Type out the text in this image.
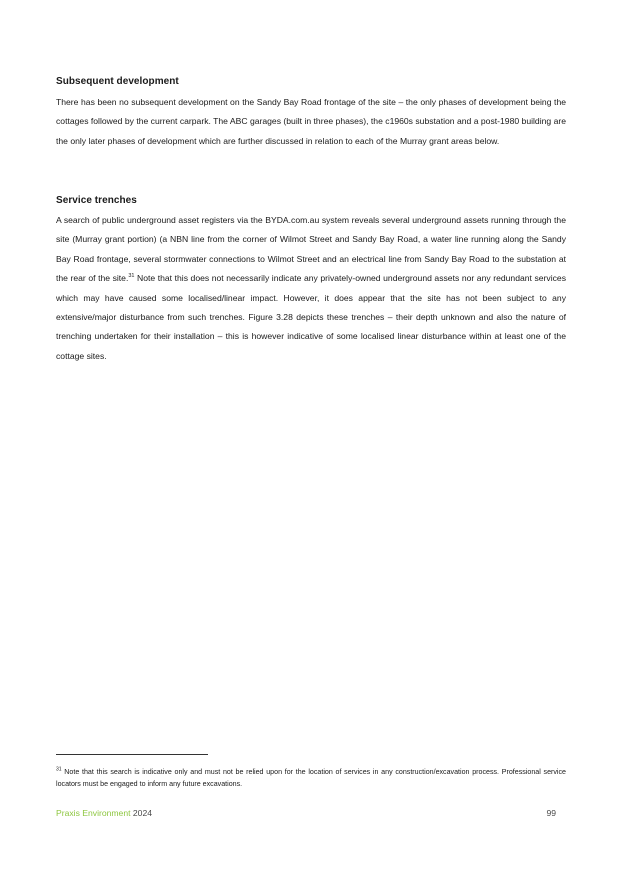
Subsequent development

There has been no subsequent development on the Sandy Bay Road frontage of the site – the only phases of development being the cottages followed by the current carpark. The ABC garages (built in three phases), the c1960s substation and a post-1980 building are the only later phases of development which are further discussed in relation to each of the Murray grant areas below.

Service trenches

A search of public underground asset registers via the BYDA.com.au system reveals several underground assets running through the site (Murray grant portion) (a NBN line from the corner of Wilmot Street and Sandy Bay Road, a water line running along the Sandy Bay Road frontage, several stormwater connections to Wilmot Street and an electrical line from Sandy Bay Road to the substation at the rear of the site.$^{31}$ Note that this does not necessarily indicate any privately-owned underground assets nor any redundant services which may have caused some localised/linear impact. However, it does appear that the site has not been subject to any extensive/major disturbance from such trenches. Figure 3.28 depicts these trenches – their depth unknown and also the nature of trenching undertaken for their installation – this is however indicative of some localised linear disturbance within at least one of the cottage sites.

$^{31}$ Note that this search is indicative only and must not be relied upon for the location of services in any construction/excavation process. Professional service locators must be engaged to inform any future excavations.

Praxis Environment 2024	99
